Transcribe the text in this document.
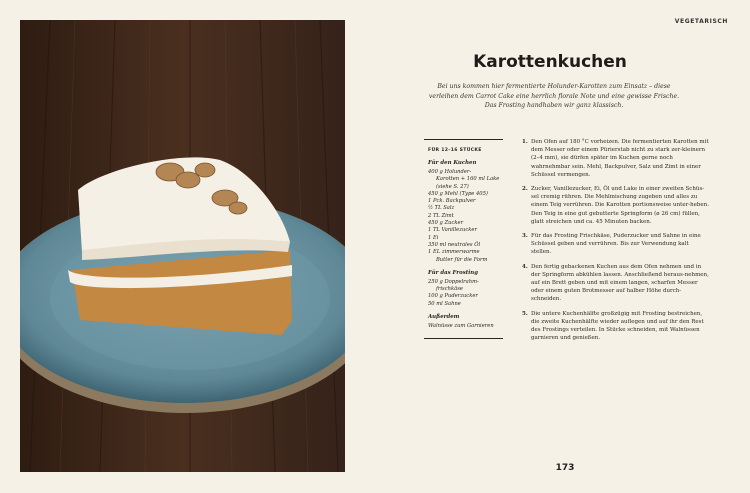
VEGETARISCH
Karottenkuchen

Bei uns kommen hier fermentierte Holunder-Karotten zum Einsatz – diese verleihen dem Carrot Cake eine herrlich florale Note und eine gewisse Frische. Das Frosting handhaben wir ganz klassisch.

FÜR 12–16 STÜCKE

Für den Kuchen

400 g Holunder-

Karotten + 160 ml Lake

(siehe S. 27)

450 g Mehl (Type 405)

1 Pck. Backpulver

½ TL Salz

2 TL Zimt

450 g Zucker

1 TL Vanillezucker

1 Ei

350 ml neutrales Öl

1 EL zimmerwarme

Butter für die Form

Für das Frosting

250 g Doppelrahm-

frischkäse

100 g Puderzucker

50 ml Sahne

Außerdem

Walnüsse zum Garnieren

1. Den Ofen auf 180 °C vorheizen. Die fermentierten Karotten mit dem Messer oder einem Pürierstab nicht zu stark zer-kleinern (2–4 mm), sie dürfen später im Kuchen gerne noch wahrnehmbar sein. Mehl, Backpulver, Salz und Zimt in einer Schüssel vermengen.
2. Zucker, Vanillezucker, Ei, Öl und Lake in einer zweiten Schüs-sel cremig rühren. Die Mehlmischung zugeben und alles zu einem Teig verrühren. Die Karotten portionsweise unter-heben. Den Teig in eine gut gebutterte Springform (ø 26 cm) füllen, glatt streichen und ca. 45 Minuten backen.
3. Für das Frosting Frischkäse, Puderzucker und Sahne in eine Schüssel geben und verrühren. Bis zur Verwendung kalt stellen.
4. Den fertig gebackenen Kuchen aus dem Ofen nehmen und in der Springform abkühlen lassen. Anschließend heraus-nehmen, auf ein Brett geben und mit einem langen, scharfen Messer oder einem guten Brotmesser auf halber Höhe durch-schneiden.
5. Die untere Kuchenhälfte großzügig mit Frosting bestreichen, die zweite Kuchenhälfte wieder auflegen und auf ihr den Rest des Frostings verteilen. In Stücke schneiden, mit Walnüssen garnieren und genießen.
173
